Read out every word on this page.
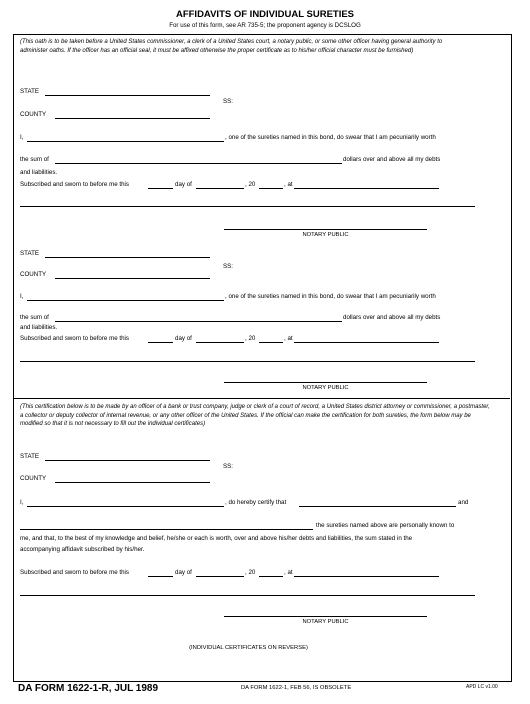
AFFIDAVITS OF INDIVIDUAL SURETIES
For use of this form, see AR 735-5; the proponent agency is DCSLOG
(This oath is to be taken before a United States commissioner, a clerk of a United States court, a notary public, or some other officer having general authority to administer oaths. If the officer has an official seal, it must be affixed otherwise the proper certificate as to his/her official character must be furnished)
STATE
SS:
COUNTY
I,	, one of the sureties named in this bond, do swear that I am pecuniarily worth
the sum of	dollars over and above all my debts
and liabilities.
Subscribed and sworn to before me this	day of	, 20	, at
NOTARY PUBLIC
STATE
SS:
COUNTY
I,	, one of the sureties named in this bond, do swear that I am pecuniarily worth
the sum of	dollars over and above all my debts
and liabilities.
Subscribed and sworn to before me this	day of	, 20	, at
NOTARY PUBLIC
(This certification below is to be made by an officer of a bank or trust company, judge or clerk of a court of record, a United States district attorney or commissioner, a postmaster, a collector or deputy collector of internal revenue, or any other officer of the United States. If the official can make the certification for both sureties, the form below may be modified so that it is not necessary to fill out the individual certificates)
STATE
SS:
COUNTY
I,	, do hereby certify that	and
the sureties named above are personally known to
me, and that, to the best of my knowledge and belief, he/she or each is worth, over and above his/her debts and liabilities, the sum stated in the
accompanying affidavit subscribed by his/her.
Subscribed and sworn to before me this	day of	, 20	, at
NOTARY PUBLIC
(INDIVIDUAL CERTIFICATES ON REVERSE)
DA FORM 1622-1-R, JUL 1989	DA FORM 1622-1, FEB 56, IS OBSOLETE	APD LC v1.00
